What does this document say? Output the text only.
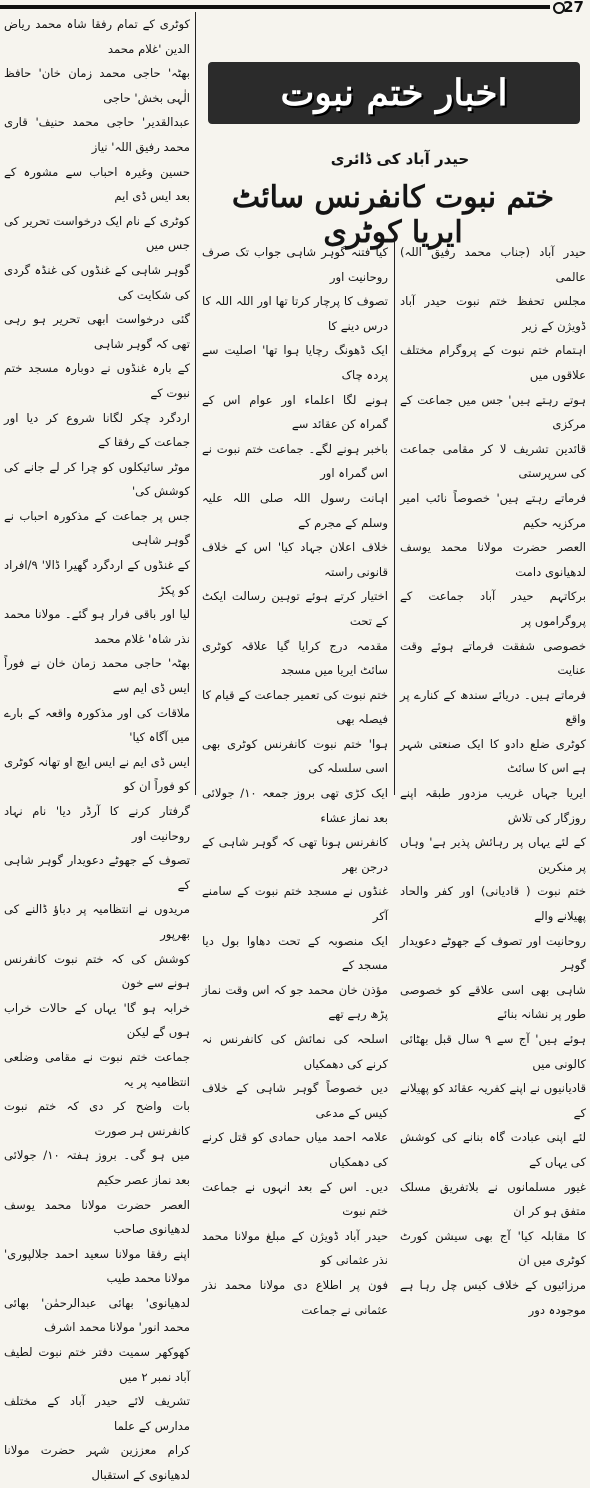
27
اخبار ختم نبوت
حیدر آباد کی ڈائری
ختم نبوت کانفرنس سائٹ ایریا کوٹری

کوٹری کے تمام رفقا شاہ محمد ریاض الدین 'غلام محمد

بھٹہ' حاجی محمد زمان خان' حافظ الٰہی بخش' حاجی

عبدالقدیر' حاجی محمد حنیف' قاری محمد رفیق اللہ' نیاز

حسین وغیرہ احباب سے مشورہ کے بعد ایس ڈی ایم

کوٹری کے نام ایک درخواست تحریر کی جس میں

گوہر شاہی کے غنڈوں کی غنڈہ گردی کی شکایت کی

گئی درخواست ابھی تحریر ہو رہی تھی کہ گوہر شاہی

کے بارہ غنڈوں نے دوبارہ مسجد ختم نبوت کے

اردگرد چکر لگانا شروع کر دیا اور جماعت کے رفقا کے

موٹر سائیکلوں کو چرا کر لے جانے کی کوشش کی'

جس پر جماعت کے مذکورہ احباب نے گوہر شاہی

کے غنڈوں کے اردگرد گھیرا ڈالا' ۹/افراد کو پکڑ

لیا اور باقی فرار ہو گئے۔ مولانا محمد نذر شاہ' غلام محمد

بھٹہ' حاجی محمد زمان خان نے فوراً ایس ڈی ایم سے

ملاقات کی اور مذکورہ واقعہ کے بارے میں آگاہ کیا'

ایس ڈی ایم نے ایس ایچ او تھانہ کوٹری کو فوراً ان کو

گرفتار کرنے کا آرڈر دیا' نام نہاد روحانیت اور

تصوف کے جھوٹے دعویدار گوہر شاہی کے

مریدوں نے انتظامیہ پر دباؤ ڈالنے کی بھرپور

کوشش کی کہ ختم نبوت کانفرنس ہونے سے خون

خرابہ ہو گا' یہاں کے حالات خراب ہوں گے لیکن

جماعت ختم نبوت نے مقامی وضلعی انتظامیہ پر یہ

بات واضح کر دی کہ ختم نبوت کانفرنس ہر صورت

میں ہو گی۔ بروز ہفتہ ۱۰/ جولائی بعد نماز عصر حکیم

العصر حضرت مولانا محمد یوسف لدھیانوی صاحب

اپنے رفقا مولانا سعید احمد جلالپوری' مولانا محمد طیب

لدھیانوی' بھائی عبدالرحمٰن' بھائی محمد انور' مولانا محمد اشرف

کھوکھر سمیت دفتر ختم نبوت لطیف آباد نمبر ۲ میں

تشریف لائے حیدر آباد کے مختلف مدارس کے علما

کرام معززین شہر حضرت مولانا لدھیانوی کے استقبال

کیا فتنہ گوہر شاہی جواب تک صرف روحانیت اور

تصوف کا پرچار کرتا تھا اور اللہ اللہ کا درس دینے کا

ایک ڈھونگ رچایا ہوا تھا' اصلیت سے پردہ چاک

ہونے لگا اعلماء اور عوام اس کے گمراہ کن عقائد سے

باخبر ہونے لگے۔ جماعت ختم نبوت نے اس گمراہ اور

اہانت رسول اللہ صلی اللہ علیہ وسلم کے مجرم کے

خلاف اعلان جہاد کیا' اس کے خلاف قانونی راستہ

اختیار کرتے ہوئے توہین رسالت ایکٹ کے تحت

مقدمہ درج کرایا گیا علاقہ کوٹری سائٹ ایریا میں مسجد

ختم نبوت کی تعمیر جماعت کے قیام کا فیصلہ بھی

ہوا' ختم نبوت کانفرنس کوٹری بھی اسی سلسلہ کی

ایک کڑی تھی بروز جمعہ ۱۰/ جولائی بعد نماز عشاء

کانفرنس ہونا تھی کہ گوہر شاہی کے درجن بھر

غنڈوں نے مسجد ختم نبوت کے سامنے آکر

ایک منصوبہ کے تحت دھاوا بول دیا مسجد کے

مؤذن خان محمد جو کہ اس وقت نماز پڑھ رہے تھے

اسلحہ کی نمائش کی کانفرنس نہ کرنے کی دھمکیاں

دیں خصوصاً گوہر شاہی کے خلاف کیس کے مدعی

علامہ احمد میاں حمادی کو قتل کرنے کی دھمکیاں

دیں۔ اس کے بعد انہوں نے جماعت ختم نبوت

حیدر آباد ڈویژن کے مبلغ مولانا محمد نذر عثمانی کو

فون پر اطلاع دی مولانا محمد نذر عثمانی نے جماعت

حیدر آباد (جناب محمد رفیق اللہ) عالمی

مجلس تحفظ ختم نبوت حیدر آباد ڈویژن کے زیر

اہتمام ختم نبوت کے پروگرام مختلف علاقوں میں

ہوتے رہتے ہیں' جس میں جماعت کے مرکزی

قائدین تشریف لا کر مقامی جماعت کی سرپرستی

فرماتے رہتے ہیں' خصوصاً نائب امیر مرکزیہ حکیم

العصر حضرت مولانا محمد یوسف لدھیانوی دامت

برکاتہم حیدر آباد جماعت کے پروگراموں پر

خصوصی شفقت فرماتے ہوئے وقت عنایت

فرماتے ہیں۔ دریائے سندھ کے کنارے پر واقع

کوٹری ضلع دادو کا ایک صنعتی شہر ہے اس کا سائٹ

ایریا جہاں غریب مزدور طبقہ اپنے روزگار کی تلاش

کے لئے یہاں پر رہائش پذیر ہے' وہاں پر منکرین

ختم نبوت ( قادیانی) اور کفر والحاد پھیلانے والے

روحانیت اور تصوف کے جھوٹے دعویدار گوہر

شاہی بھی اسی علاقے کو خصوصی طور پر نشانہ بنائے

ہوئے ہیں' آج سے ۹ سال قبل بھٹائی کالونی میں

قادیانیوں نے اپنے کفریہ عقائد کو پھیلانے کے

لئے اپنی عبادت گاہ بنانے کی کوشش کی یہاں کے

غیور مسلمانوں نے بلاتفریق مسلک متفق ہو کر ان

کا مقابلہ کیا' آج بھی سیشن کورٹ کوٹری میں ان

مرزائیوں کے خلاف کیس چل رہا ہے موجودہ دور
